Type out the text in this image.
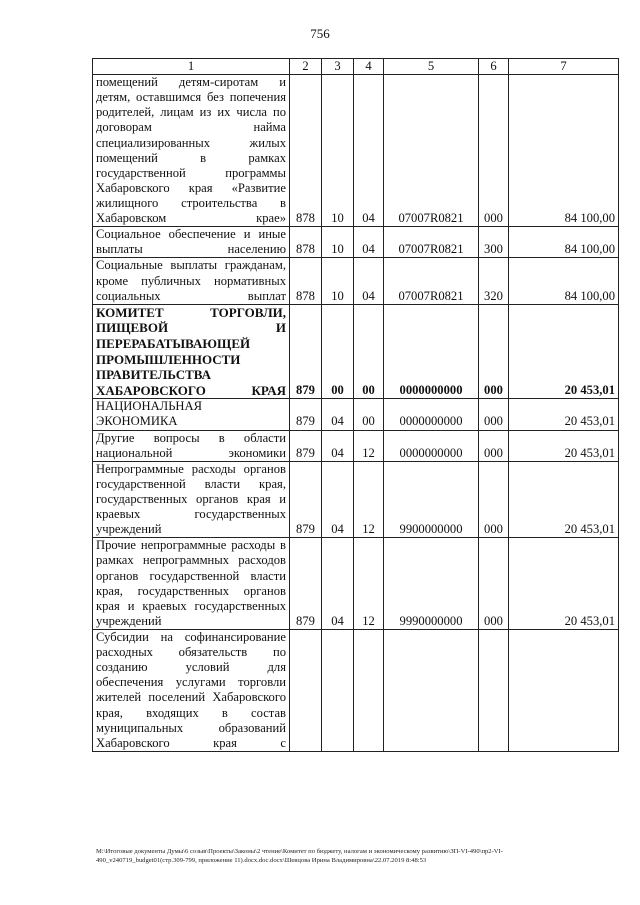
756
1	2	3	4	5	6	7
помещений детям-сиротам и детям, оставшимся без попечения родителей, лицам из их числа по договорам найма специализированных жилых помещений в рамках государственной программы Хабаровского края «Развитие жилищного строительства в Хабаровском крае»	878	10	04	07007R0821	000	84 100,00
Социальное обеспечение и иные выплаты населению	878	10	04	07007R0821	300	84 100,00
Социальные выплаты гражданам, кроме публичных нормативных социальных выплат	878	10	04	07007R0821	320	84 100,00
КОМИТЕТ ТОРГОВЛИ, ПИЩЕВОЙ И ПЕРЕРАБАТЫВАЮЩЕЙ ПРОМЫШЛЕННОСТИ ПРАВИТЕЛЬСТВА ХАБАРОВСКОГО КРАЯ	879	00	00	0000000000	000	20 453,01
НАЦИОНАЛЬНАЯ ЭКОНОМИКА	879	04	00	0000000000	000	20 453,01
Другие вопросы в области национальной экономики	879	04	12	0000000000	000	20 453,01
Непрограммные расходы органов государственной власти края, государственных органов края и краевых государственных учреждений	879	04	12	9900000000	000	20 453,01
Прочие непрограммные расходы в рамках непрограммных расходов органов государственной власти края, государственных органов края и краевых государственных учреждений	879	04	12	9990000000	000	20 453,01
Субсидии на софинансирование расходных обязательств по созданию условий для обеспечения услугами торговли жителей поселений Хабаровского края, входящих в состав муниципальных образований Хабаровского края с						
M:\Итоговые документы Думы\6 созыв\Проекты\Законы\2 чтение\Комитет по бюджету, налогам и экономическому развитию\ЗП-VI-490\пр2-VI-
490_v240719_budget01(стр.309-799, приложение 11).docx.doc.docx\Шевцова Ирина Владимировна\22.07.2019 8:48:53
